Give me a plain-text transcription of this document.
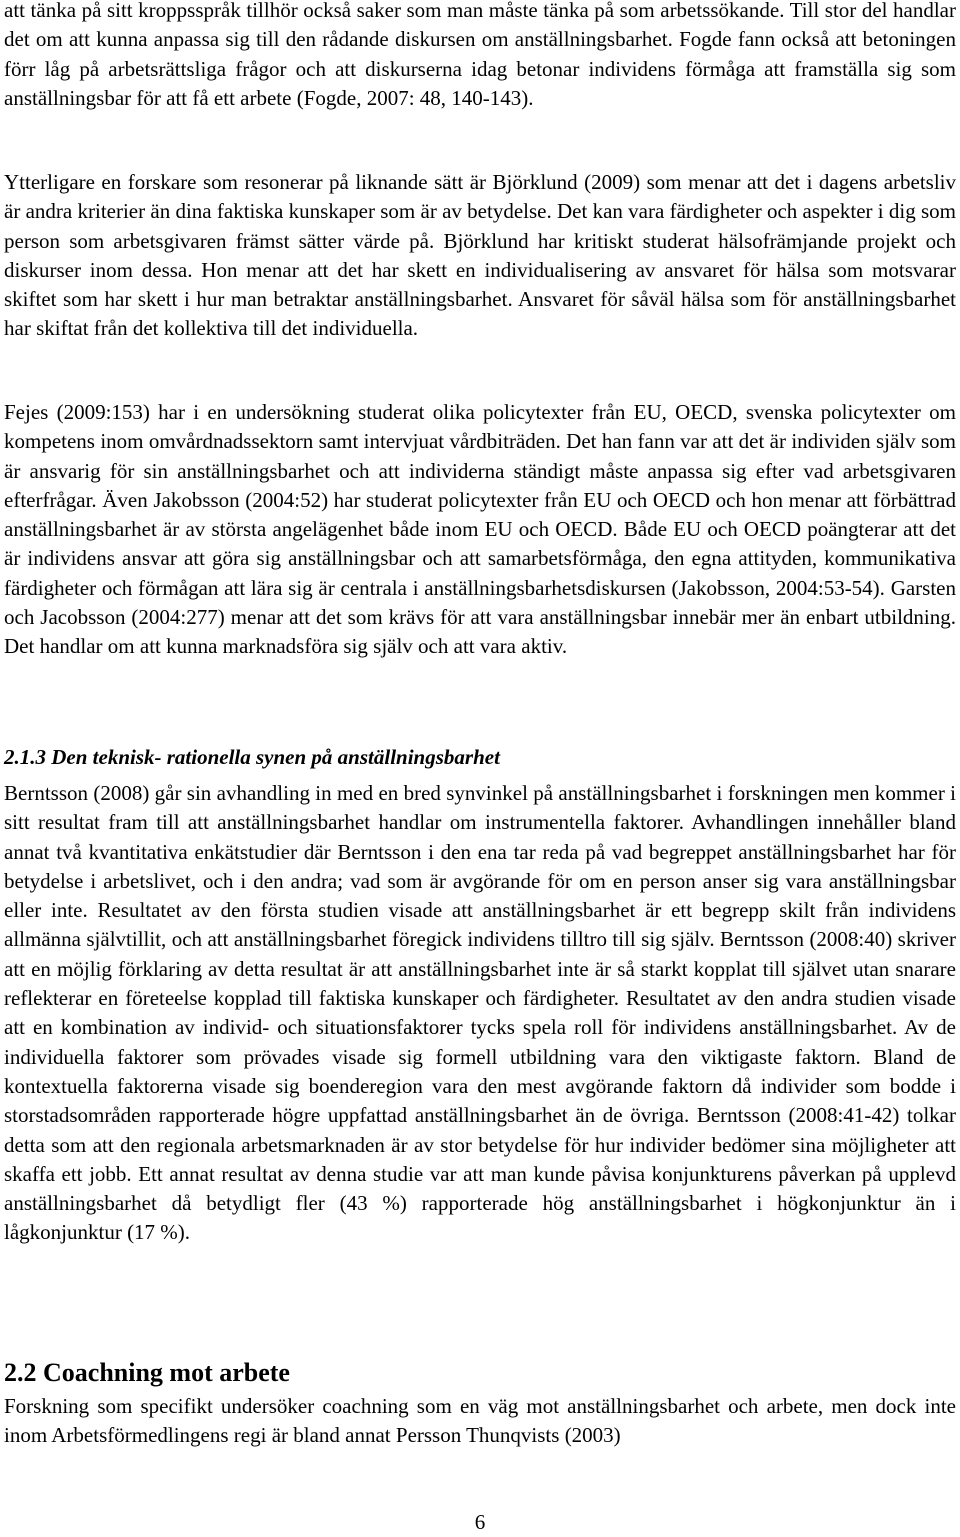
att tänka på sitt kroppsspråk tillhör också saker som man måste tänka på som arbetssökande. Till stor del handlar det om att kunna anpassa sig till den rådande diskursen om anställningsbarhet. Fogde fann också att betoningen förr låg på arbetsrättsliga frågor och att diskurserna idag betonar individens förmåga att framställa sig som anställningsbar för att få ett arbete (Fogde, 2007: 48, 140-143).

Ytterligare en forskare som resonerar på liknande sätt är Björklund (2009) som menar att det i dagens arbetsliv är andra kriterier än dina faktiska kunskaper som är av betydelse. Det kan vara färdigheter och aspekter i dig som person som arbetsgivaren främst sätter värde på. Björklund har kritiskt studerat hälsofrämjande projekt och diskurser inom dessa. Hon menar att det har skett en individualisering av ansvaret för hälsa som motsvarar skiftet som har skett i hur man betraktar anställningsbarhet. Ansvaret för såväl hälsa som för anställningsbarhet har skiftat från det kollektiva till det individuella.

Fejes (2009:153) har i en undersökning studerat olika policytexter från EU, OECD, svenska policytexter om kompetens inom omvårdnadssektorn samt intervjuat vårdbiträden. Det han fann var att det är individen själv som är ansvarig för sin anställningsbarhet och att individerna ständigt måste anpassa sig efter vad arbetsgivaren efterfrågar. Även Jakobsson (2004:52) har studerat policytexter från EU och OECD och hon menar att förbättrad anställningsbarhet är av största angelägenhet både inom EU och OECD. Både EU och OECD poängterar att det är individens ansvar att göra sig anställningsbar och att samarbetsförmåga, den egna attityden, kommunikativa färdigheter och förmågan att lära sig är centrala i anställningsbarhetsdiskursen (Jakobsson, 2004:53-54). Garsten och Jacobsson (2004:277) menar att det som krävs för att vara anställningsbar innebär mer än enbart utbildning. Det handlar om att kunna marknadsföra sig själv och att vara aktiv.

2.1.3 Den teknisk- rationella synen på anställningsbarhet

Berntsson (2008) går sin avhandling in med en bred synvinkel på anställningsbarhet i forskningen men kommer i sitt resultat fram till att anställningsbarhet handlar om instrumentella faktorer. Avhandlingen innehåller bland annat två kvantitativa enkätstudier där Berntsson i den ena tar reda på vad begreppet anställningsbarhet har för betydelse i arbetslivet, och i den andra; vad som är avgörande för om en person anser sig vara anställningsbar eller inte. Resultatet av den första studien visade att anställningsbarhet är ett begrepp skilt från individens allmänna självtillit, och att anställningsbarhet föregick individens tilltro till sig själv. Berntsson (2008:40) skriver att en möjlig förklaring av detta resultat är att anställningsbarhet inte är så starkt kopplat till självet utan snarare reflekterar en företeelse kopplad till faktiska kunskaper och färdigheter. Resultatet av den andra studien visade att en kombination av individ- och situationsfaktorer tycks spela roll för individens anställningsbarhet. Av de individuella faktorer som prövades visade sig formell utbildning vara den viktigaste faktorn. Bland de kontextuella faktorerna visade sig boenderegion vara den mest avgörande faktorn då individer som bodde i storstadsområden rapporterade högre uppfattad anställningsbarhet än de övriga. Berntsson (2008:41-42) tolkar detta som att den regionala arbetsmarknaden är av stor betydelse för hur individer bedömer sina möjligheter att skaffa ett jobb. Ett annat resultat av denna studie var att man kunde påvisa konjunkturens påverkan på upplevd anställningsbarhet då betydligt fler (43 %) rapporterade hög anställningsbarhet i högkonjunktur än i lågkonjunktur (17 %).

2.2 Coachning mot arbete

Forskning som specifikt undersöker coachning som en väg mot anställningsbarhet och arbete, men dock inte inom Arbetsförmedlingens regi är bland annat Persson Thunqvists (2003)

6
